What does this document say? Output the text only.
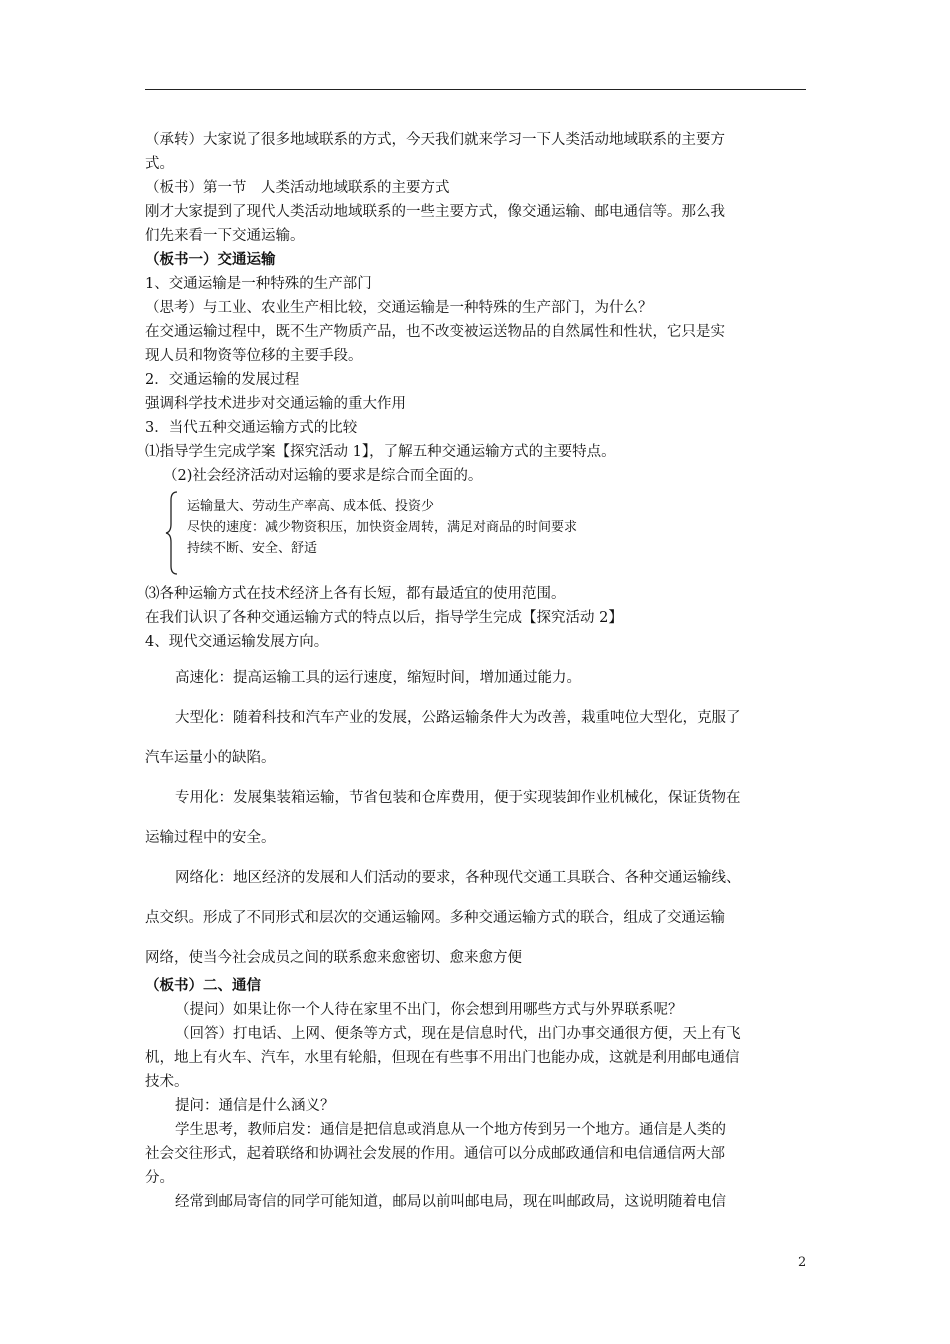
（承转）大家说了很多地域联系的方式，今天我们就来学习一下人类活动地域联系的主要方
式。
（板书）第一节　人类活动地域联系的主要方式
刚才大家提到了现代人类活动地域联系的一些主要方式，像交通运输、邮电通信等。那么我
们先来看一下交通运输。
（板书一）交通运输
1、交通运输是一种特殊的生产部门
（思考）与工业、农业生产相比较，交通运输是一种特殊的生产部门，为什么？
在交通运输过程中，既不生产物质产品，也不改变被运送物品的自然属性和性状，它只是实
现人员和物资等位移的主要手段。
2．交通运输的发展过程
强调科学技术进步对交通运输的重大作用
3．当代五种交通运输方式的比较
⑴指导学生完成学案【探究活动 1】，了解五种交通运输方式的主要特点。
（2)社会经济活动对运输的要求是综合而全面的。
运输量大、劳动生产率高、成本低、投资少
尽快的速度：减少物资积压，加快资金周转，满足对商品的时间要求
持续不断、安全、舒适
⑶各种运输方式在技术经济上各有长短，都有最适宜的使用范围。
在我们认识了各种交通运输方式的特点以后，指导学生完成【探究活动 2】
4、现代交通运输发展方向。
高速化：提高运输工具的运行速度，缩短时间，增加通过能力。
大型化：随着科技和汽车产业的发展，公路运输条件大为改善，栽重吨位大型化，克服了
汽车运量小的缺陷。
专用化：发展集装箱运输，节省包装和仓库费用，便于实现装卸作业机械化，保证货物在
运输过程中的安全。
网络化：地区经济的发展和人们活动的要求，各种现代交通工具联合、各种交通运输线、
点交织。形成了不同形式和层次的交通运输网。多种交通运输方式的联合，组成了交通运输
网络，使当今社会成员之间的联系愈来愈密切、愈来愈方便
（板书）二、通信
（提问）如果让你一个人待在家里不出门，你会想到用哪些方式与外界联系呢？
（回答）打电话、上网、便条等方式，现在是信息时代，出门办事交通很方便，天上有飞
机，地上有火车、汽车，水里有轮船，但现在有些事不用出门也能办成，这就是利用邮电通信
技术。
提问：通信是什么涵义？
学生思考，教师启发：通信是把信息或消息从一个地方传到另一个地方。通信是人类的
社会交往形式，起着联络和协调社会发展的作用。通信可以分成邮政通信和电信通信两大部
分。
经常到邮局寄信的同学可能知道，邮局以前叫邮电局，现在叫邮政局，这说明随着电信
2
